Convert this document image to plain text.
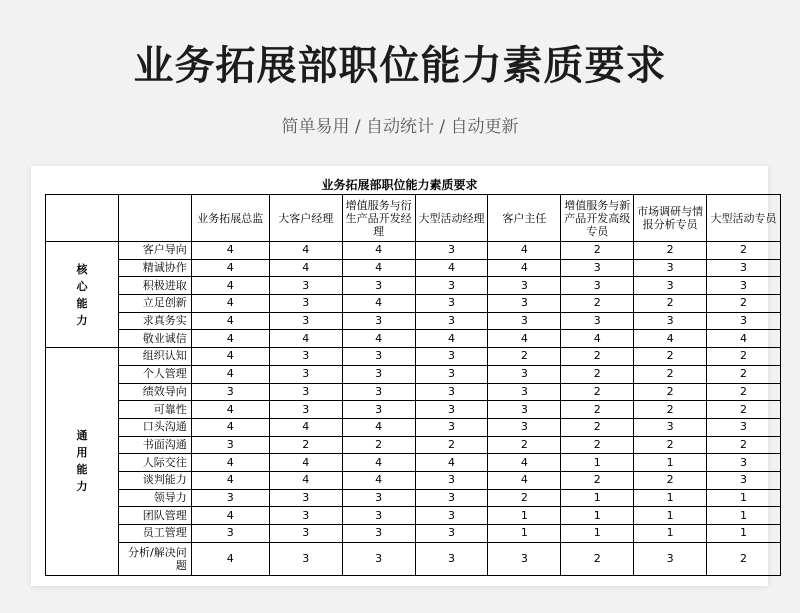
业务拓展部职位能力素质要求
简单易用 / 自动统计 / 自动更新
业务拓展部职位能力素质要求
		业务拓展总监	大客户经理	增值服务与衍生产品开发经理	大型活动经理	客户主任	增值服务与新产品开发高级专员	市场调研与情报分析专员	大型活动专员

核心能力	客户导向	4	4	4	3	4	2	2	2
	精诚协作	4	4	4	4	4	3	3	3
	积极进取	4	3	3	3	3	3	3	3
	立足创新	4	3	4	3	3	2	2	2
	求真务实	4	3	3	3	3	3	3	3
	敬业诚信	4	4	4	4	4	4	4	4

通用能力	组织认知	4	3	3	3	2	2	2	2
	个人管理	4	3	3	3	3	2	2	2
	绩效导向	3	3	3	3	3	2	2	2
	可靠性	4	3	3	3	3	2	2	2
	口头沟通	4	4	4	3	3	2	3	3
	书面沟通	3	2	2	2	2	2	2	2
	人际交往	4	4	4	4	4	1	1	3
	谈判能力	4	4	4	3	4	2	2	3
	领导力	3	3	3	3	2	1	1	1
	团队管理	4	3	3	3	1	1	1	1
	员工管理	3	3	3	3	1	1	1	1
	分析/解决问题	4	3	3	3	3	2	3	2
